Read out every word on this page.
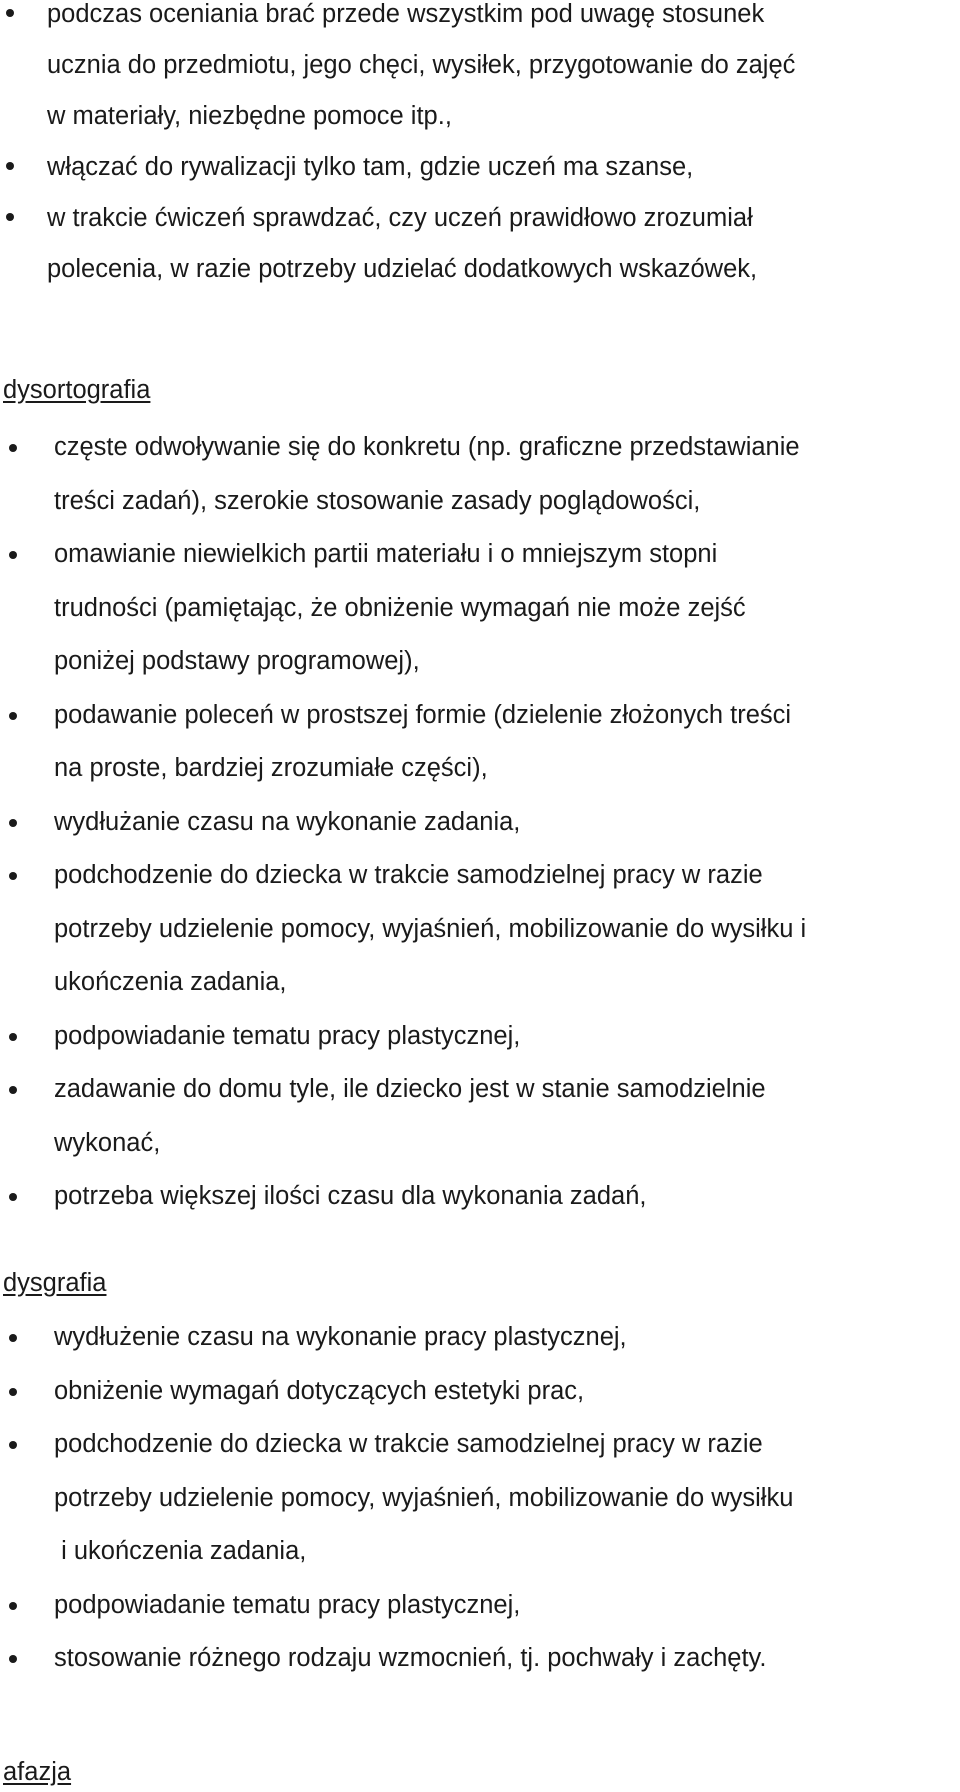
podczas oceniania brać przede wszystkim pod uwagę stosunek
ucznia do przedmiotu, jego chęci, wysiłek, przygotowanie do zajęć
w materiały, niezbędne pomoce itp.,
włączać do rywalizacji tylko tam, gdzie uczeń ma szanse,
w trakcie ćwiczeń sprawdzać, czy uczeń prawidłowo zrozumiał
polecenia, w razie potrzeby udzielać dodatkowych wskazówek,
dysortografia
częste odwoływanie się do konkretu (np. graficzne przedstawianie
treści zadań), szerokie stosowanie zasady poglądowości,
omawianie niewielkich partii materiału i o mniejszym stopni
trudności (pamiętając, że obniżenie wymagań nie może zejść
poniżej podstawy programowej),
podawanie poleceń w prostszej formie (dzielenie złożonych treści
na proste, bardziej zrozumiałe części),
wydłużanie czasu na wykonanie zadania,
podchodzenie do dziecka w trakcie samodzielnej pracy w razie
potrzeby udzielenie pomocy, wyjaśnień, mobilizowanie do wysiłku i
ukończenia zadania,
podpowiadanie tematu pracy plastycznej,
zadawanie do domu tyle, ile dziecko jest w stanie samodzielnie
wykonać,
potrzeba większej ilości czasu dla wykonania zadań,
dysgrafia
wydłużenie czasu na wykonanie pracy plastycznej,
obniżenie wymagań dotyczących estetyki prac,
podchodzenie do dziecka w trakcie samodzielnej pracy w razie
potrzeby udzielenie pomocy, wyjaśnień, mobilizowanie do wysiłku
i ukończenia zadania,
podpowiadanie tematu pracy plastycznej,
stosowanie różnego rodzaju wzmocnień, tj. pochwały i zachęty.
afazja
